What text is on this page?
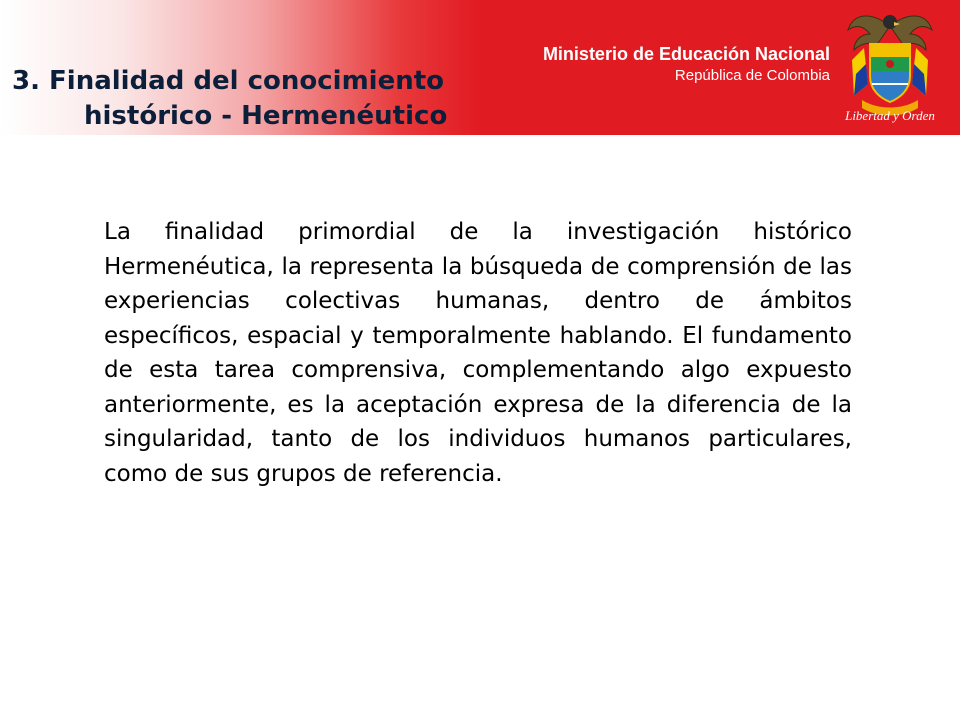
3. Finalidad del conocimiento
histórico - Hermenéutico
Ministerio de Educación Nacional
República de Colombia
Libertad y Orden

La finalidad primordial de la investigación histórico Hermenéutica, la representa la búsqueda de comprensión de las experiencias colectivas humanas, dentro de ámbitos específicos, espacial y temporalmente hablando. El fundamento de esta tarea comprensiva, complementando algo expuesto anteriormente, es la aceptación expresa de la diferencia de la singularidad, tanto de los individuos humanos particulares, como de sus grupos de referencia.
